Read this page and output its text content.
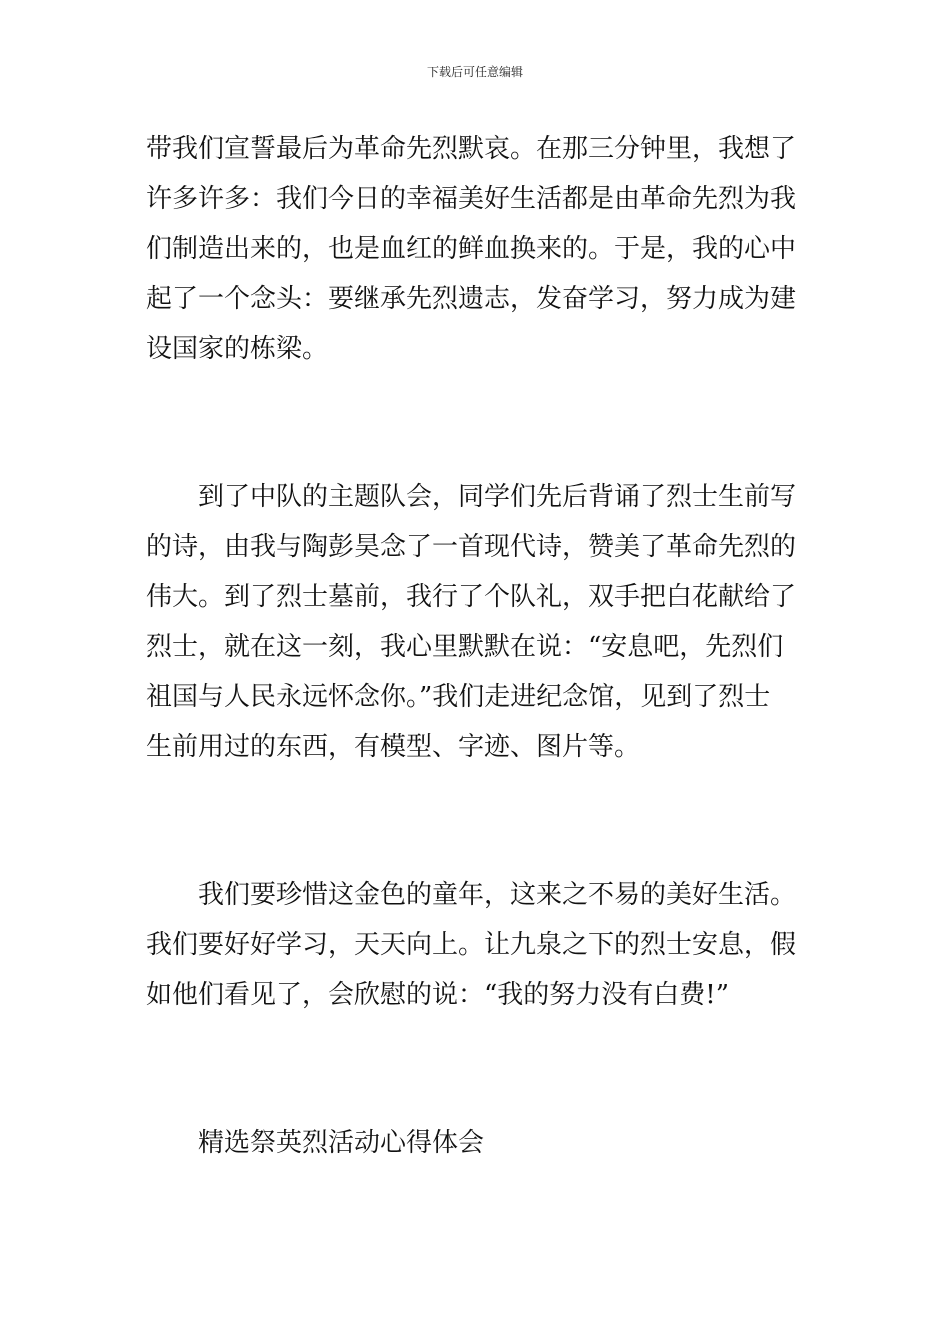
下载后可任意编辑
带我们宣誓最后为革命先烈默哀。在那三分钟里，我想了
许多许多：我们今日的幸福美好生活都是由革命先烈为我
们制造出来的，也是血红的鲜血换来的。于是，我的心中
起了一个念头：要继承先烈遗志，发奋学习，努力成为建
设国家的栋梁。
到了中队的主题队会，同学们先后背诵了烈士生前写
的诗，由我与陶彭昊念了一首现代诗，赞美了革命先烈的
伟大。到了烈士墓前，我行了个队礼，双手把白花献给了
烈士，就在这一刻，我心里默默在说：“安息吧，先烈们
祖国与人民永远怀念你。”我们走进纪念馆，见到了烈士
生前用过的东西，有模型、字迹、图片等。
我们要珍惜这金色的童年，这来之不易的美好生活。
我们要好好学习，天天向上。让九泉之下的烈士安息，假
如他们看见了，会欣慰的说：“我的努力没有白费!”
精选祭英烈活动心得体会
